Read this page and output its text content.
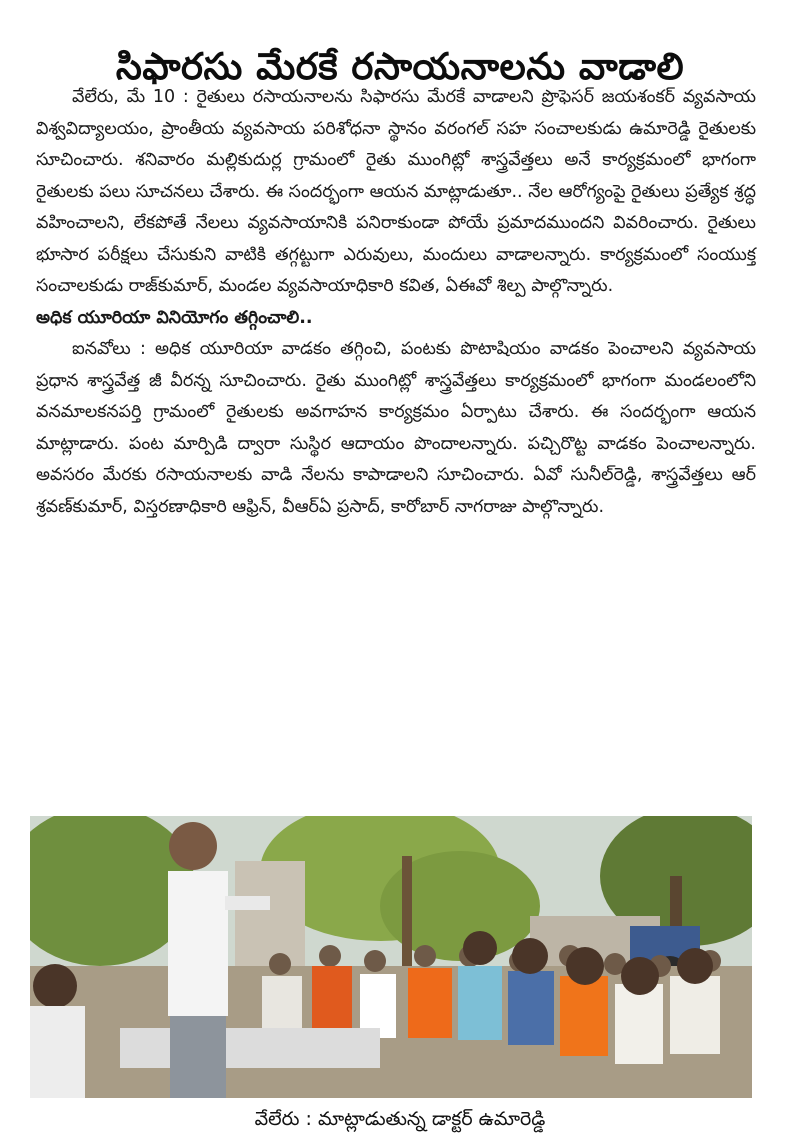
సిఫారసు మేరకే రసాయనాలను వాడాలి

వేలేరు, మే 10 : రైతులు రసాయనాలను సిఫారసు మేరకే వాడాలని ప్రొఫెసర్ జయశంకర్ వ్యవసాయ విశ్వవిద్యాలయం, ప్రాంతీయ వ్యవసాయ పరిశోధనా స్థానం వరంగల్ సహ సంచాలకుడు ఉమారెడ్డి రైతులకు సూచించారు. శనివారం మల్లికుదుర్ల గ్రామంలో రైతు ముంగిట్లో శాస్త్రవేత్తలు అనే కార్యక్రమంలో భాగంగా రైతులకు పలు సూచనలు చేశారు. ఈ సందర్భంగా ఆయన మాట్లాడుతూ.. నేల ఆరోగ్యంపై రైతులు ప్రత్యేక శ్రద్ధ వహించాలని, లేకపోతే నేలలు వ్యవసాయానికి పనిరాకుండా పోయే ప్రమాదముందని వివరించారు. రైతులు భూసార పరీక్షలు చేసుకుని వాటికి తగ్గట్టుగా ఎరువులు, మందులు వాడాలన్నారు. కార్యక్రమంలో సంయుక్త సంచాలకుడు రాజ్‌కుమార్, మండల వ్యవసాయాధికారి కవిత, ఏఈవో శిల్ప పాల్గొన్నారు.

అధిక యూరియా వినియోగం తగ్గించాలి..

ఐనవోలు : అధిక యూరియా వాడకం తగ్గించి, పంటకు పొటాషియం వాడకం పెంచాలని వ్యవసాయ ప్రధాన శాస్త్రవేత్త జీ వీరన్న సూచించారు. రైతు ముంగిట్లో శాస్త్రవేత్తలు కార్యక్రమంలో భాగంగా మండలంలోని వనమాలకనపర్తి గ్రామంలో రైతులకు అవగాహన కార్యక్రమం ఏర్పాటు చేశారు. ఈ సందర్భంగా ఆయన మాట్లాడారు. పంట మార్పిడి ద్వారా సుస్థిర ఆదాయం పొందాలన్నారు. పచ్చిరొట్ట వాడకం పెంచాలన్నారు. అవసరం మేరకు రసాయనాలకు వాడి నేలను కాపాడాలని సూచించారు. ఏవో సునీల్‌రెడ్డి, శాస్త్రవేత్తలు ఆర్ శ్రవణ్‌కుమార్, విస్తరణాధికారి ఆఫ్రిన్, వీఆర్ఏ ప్రసాద్, కారోబార్ నాగరాజు పాల్గొన్నారు.

వేలేరు : మాట్లాడుతున్న డాక్టర్ ఉమారెడ్డి
